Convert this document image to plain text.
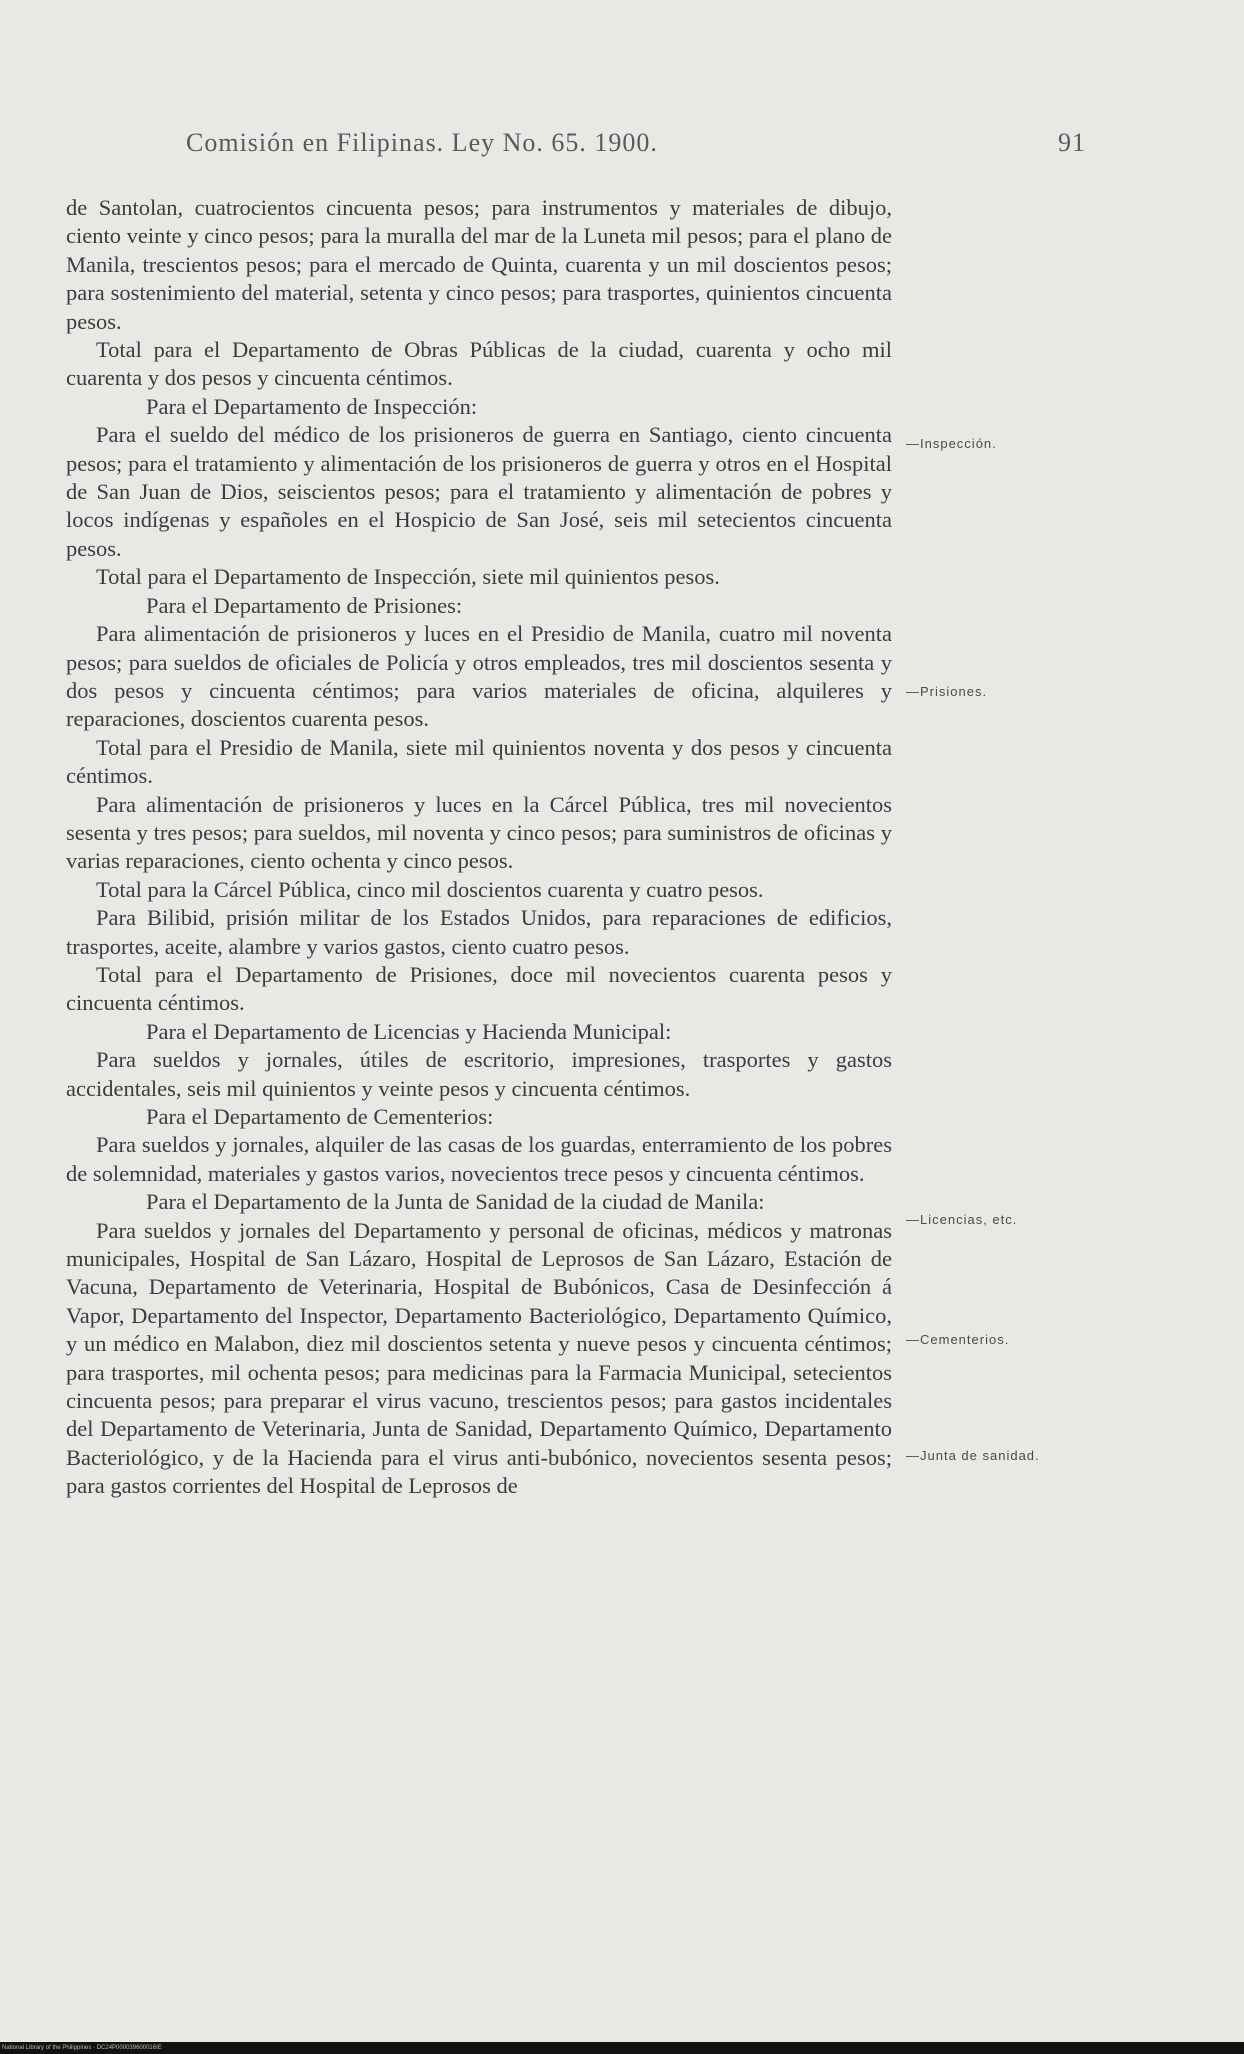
Comisión en Filipinas. Ley No. 65. 1900.	91

de Santolan, cuatrocientos cincuenta pesos; para instrumentos y materiales de dibujo, ciento veinte y cinco pesos; para la muralla del mar de la Luneta mil pesos; para el plano de Manila, trescientos pesos; para el mercado de Quinta, cuarenta y un mil doscientos pesos; para sostenimiento del material, setenta y cinco pesos; para trasportes, quinientos cincuenta pesos.

Total para el Departamento de Obras Públicas de la ciudad, cuarenta y ocho mil cuarenta y dos pesos y cincuenta céntimos.

Para el Departamento de Inspección:

Para el sueldo del médico de los prisioneros de guerra en Santiago, ciento cincuenta pesos; para el tratamiento y alimentación de los prisioneros de guerra y otros en el Hospital de San Juan de Dios, seiscientos pesos; para el tratamiento y alimentación de pobres y locos indígenas y españoles en el Hospicio de San José, seis mil setecientos cincuenta pesos.

Total para el Departamento de Inspección, siete mil quinientos pesos.

Para el Departamento de Prisiones:

Para alimentación de prisioneros y luces en el Presidio de Manila, cuatro mil noventa pesos; para sueldos de oficiales de Policía y otros empleados, tres mil doscientos sesenta y dos pesos y cincuenta céntimos; para varios materiales de oficina, alquileres y reparaciones, doscientos cuarenta pesos.

Total para el Presidio de Manila, siete mil quinientos noventa y dos pesos y cincuenta céntimos.

Para alimentación de prisioneros y luces en la Cárcel Pública, tres mil novecientos sesenta y tres pesos; para sueldos, mil noventa y cinco pesos; para suministros de oficinas y varias reparaciones, ciento ochenta y cinco pesos.

Total para la Cárcel Pública, cinco mil doscientos cuarenta y cuatro pesos.

Para Bilibid, prisión militar de los Estados Unidos, para reparaciones de edificios, trasportes, aceite, alambre y varios gastos, ciento cuatro pesos.

Total para el Departamento de Prisiones, doce mil novecientos cuarenta pesos y cincuenta céntimos.

Para el Departamento de Licencias y Hacienda Municipal:

Para sueldos y jornales, útiles de escritorio, impresiones, trasportes y gastos accidentales, seis mil quinientos y veinte pesos y cincuenta céntimos.

Para el Departamento de Cementerios:

Para sueldos y jornales, alquiler de las casas de los guardas, enterramiento de los pobres de solemnidad, materiales y gastos varios, novecientos trece pesos y cincuenta céntimos.

Para el Departamento de la Junta de Sanidad de la ciudad de Manila:

Para sueldos y jornales del Departamento y personal de oficinas, médicos y matronas municipales, Hospital de San Lázaro, Hospital de Leprosos de San Lázaro, Estación de Vacuna, Departamento de Veterinaria, Hospital de Bubónicos, Casa de Desinfección á Vapor, Departamento del Inspector, Departamento Bacteriológico, Departamento Químico, y un médico en Malabon, diez mil doscientos setenta y nueve pesos y cincuenta céntimos; para trasportes, mil ochenta pesos; para medicinas para la Farmacia Municipal, setecientos cincuenta pesos; para preparar el virus vacuno, trescientos pesos; para gastos incidentales del Departamento de Veterinaria, Junta de Sanidad, Departamento Químico, Departamento Bacteriológico, y de la Hacienda para el virus anti-bubónico, novecientos sesenta pesos; para gastos corrientes del Hospital de Leprosos de

—Inspección.
—Prisiones.
—Licencias, etc.
—Cementerios.
—Junta de sanidad.
National Library of the Philippines · DC24P000039600016IE
